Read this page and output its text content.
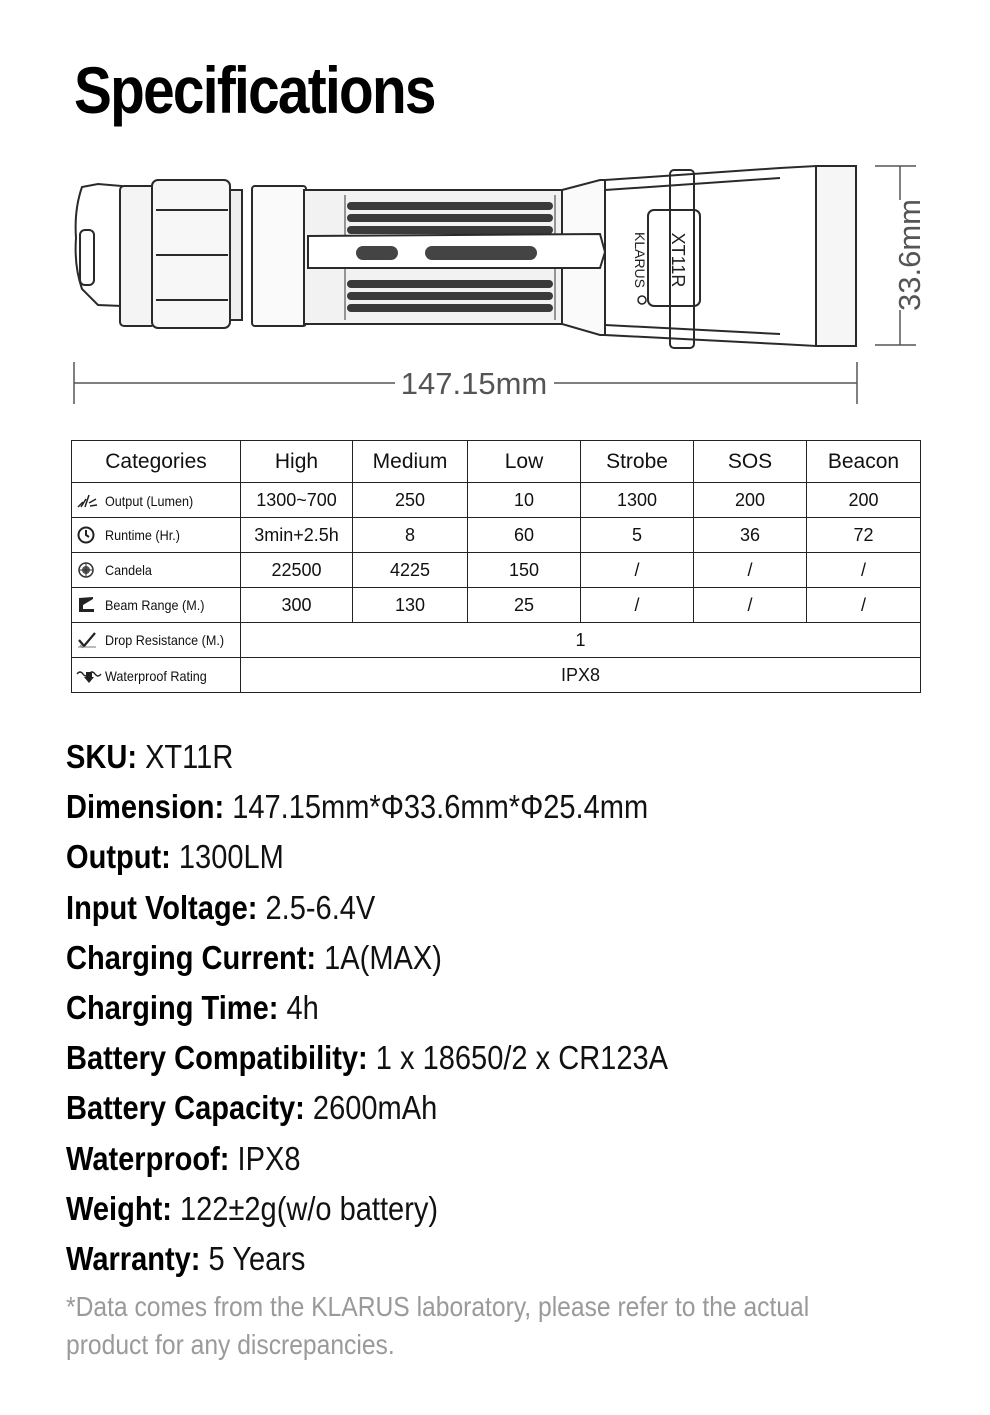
Specifications
KLARUS XT11R	33.6mm
147.15mm
Categories	High	Medium	Low	Strobe	SOS	Beacon

Output (Lumen)	1300~700	250	10	1300	200	200

Runtime (Hr.)	3min+2.5h	8	60	5	36	72

Candela	22500	4225	150	/	/	/

Beam Range (M.)	300	130	25	/	/	/

Drop Resistance (M.)	1					

Waterproof Rating	IPX8					
SKU: XT11R
Dimension: 147.15mm*Φ33.6mm*Φ25.4mm
Output: 1300LM
Input Voltage: 2.5-6.4V
Charging Current: 1A(MAX)
Charging Time: 4h
Battery Compatibility: 1 x 18650/2 x CR123A
Battery Capacity: 2600mAh
Waterproof: IPX8
Weight: 122±2g(w/o battery)
Warranty: 5 Years
*Data comes from the KLARUS laboratory, please refer to the actual product for any discrepancies.
